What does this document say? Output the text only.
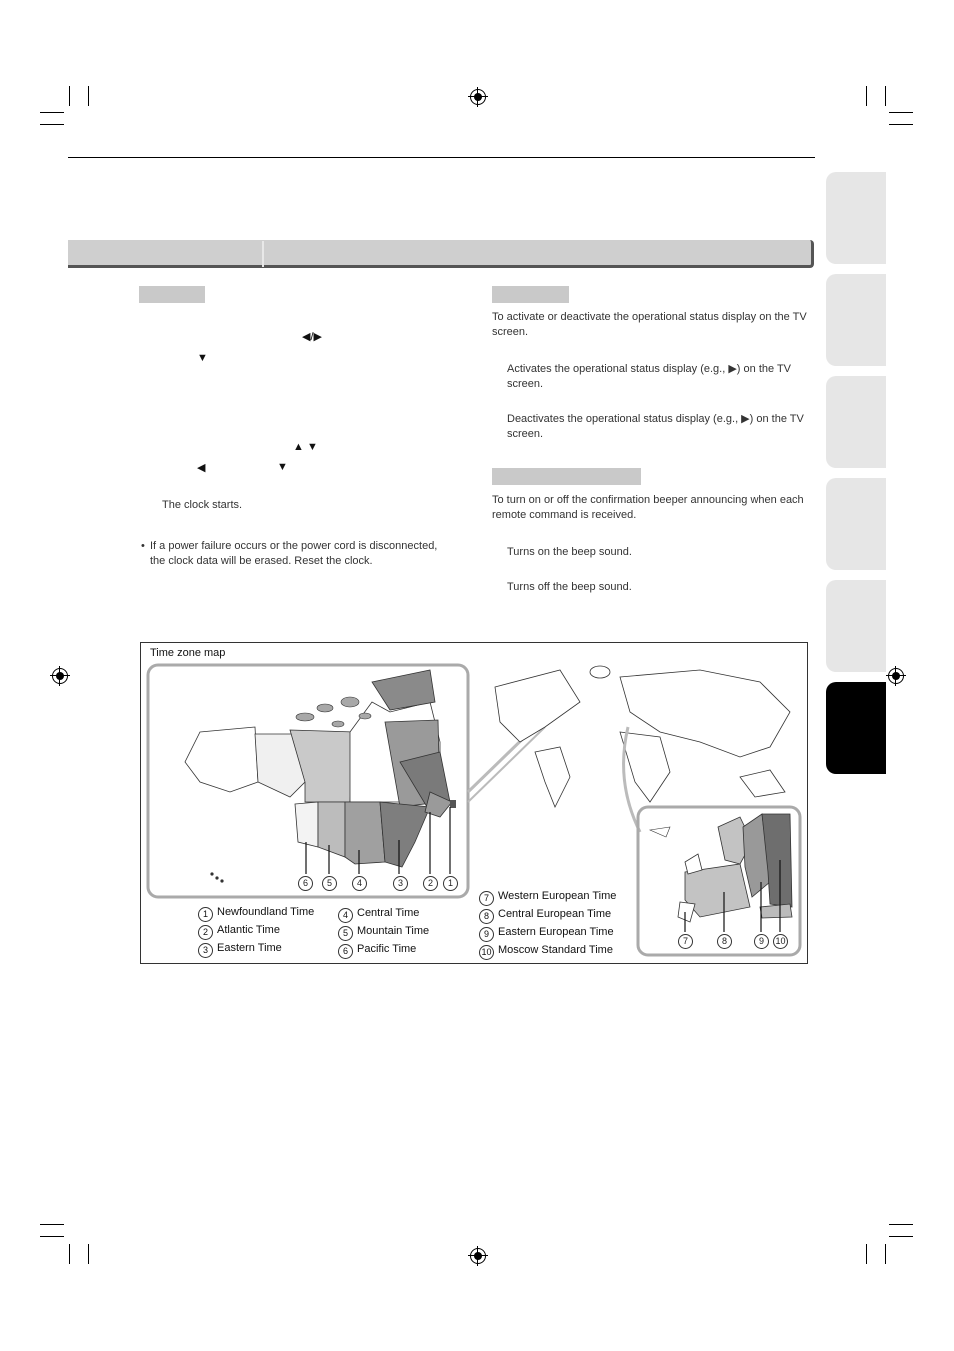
◀/▶
▼
▲ ▼
◀	▼
The clock starts.
• If a power failure occurs or the power cord is disconnected, the clock data will be erased. Reset the clock.
To activate or deactivate the operational status display on the TV screen.
Activates the operational status display (e.g., ▶) on the TV screen.
Deactivates the operational status display (e.g., ▶) on the TV screen.
To turn on or off the confirmation beeper announcing when each remote command is received.
Turns on the beep sound.
Turns off the beep sound.
Time zone map
6	5	4	3	2	1
7	8	9	10
1 Newfoundland Time
2 Atlantic Time
3 Eastern Time
4 Central Time
5 Mountain Time
6 Pacific Time
7 Western European Time
8 Central European Time
9 Eastern European Time
10 Moscow Standard Time
